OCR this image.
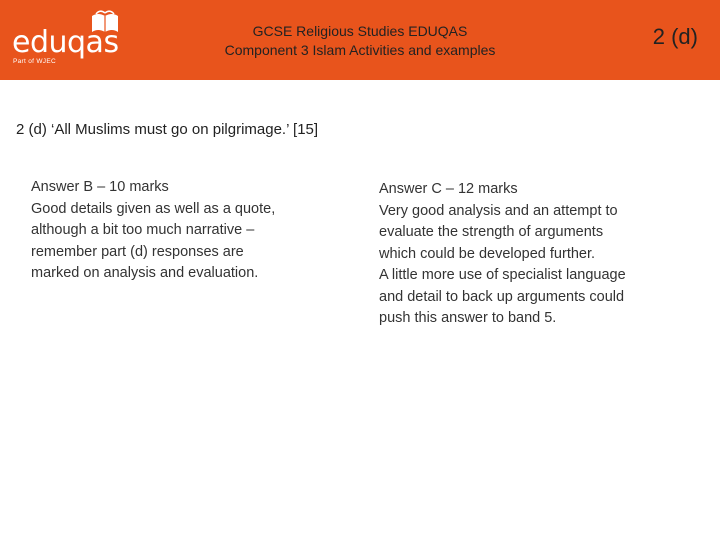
eduqas
Part of WJEC
GCSE Religious Studies EDUQAS
Component 3 Islam Activities and examples
2 (d)
2 (d) ‘All Muslims must go on pilgrimage.’ [15]

Answer B – 10 marks

Good details given as well as a quote,

although a bit too much narrative –

remember part (d) responses are

marked on analysis and evaluation.

Answer C – 12 marks

Very good analysis and an attempt to

evaluate the strength of arguments

which could be developed further.

A little more use of specialist language

and detail to back up arguments could

push this answer to band 5.
